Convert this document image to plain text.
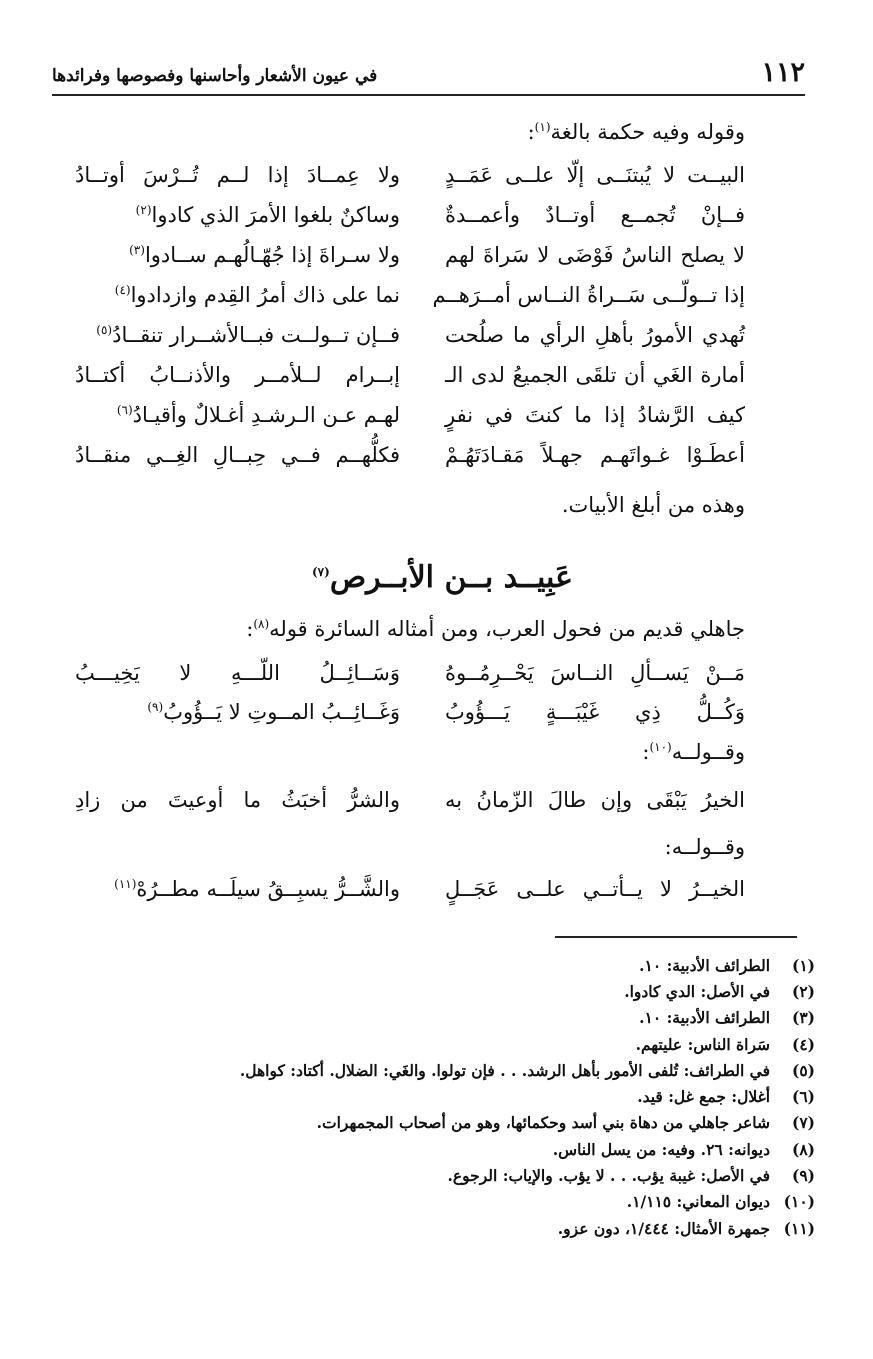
١١٢
في عيون الأشعار وأحاسنها وفصوصها وفرائدها
وقوله وفيه حكمة بالغة$^{(١)}$:
البيــت لا يُبتنَــى إلّا علــى عَمَــدٍ
ولا عِمــادَ إذا لــم تُــرْسَ أوتــادُ
فــإنْ تُجمــع أوتــادٌ وأعمــدةٌ
وساكنٌ بلغوا الأمرَ الذي كادوا$^{(٢)}$
لا يصلح الناسُ فَوْضَى لا سَراةَ لهم
ولا سـراةَ إذا جُهّـالُهـم ســادوا$^{(٣)}$
إذا تــولّــى سَــراةُ النــاس أمــرَهــم
نما على ذاك أمرُ القِدم وازدادوا$^{(٤)}$
تُهدي الأمورُ بأهلِ الرأي ما صلُحت
فــإن تــولــت فبــالأشــرار تنقــادُ$^{(٥)}$
أمارة الغَي أن تلقَى الجميعُ لدى الـ
إبــرام لــلأمــر والأذنــابُ أكتــادُ
كيف الرَّشادُ إذا ما كنتَ في نفرٍ
لهـم عـن الـرشـدِ أغـلالٌ وأقيـادُ$^{(٦)}$
أعطَـوْا غـواتَهـم جهـلاً مَقـادَتَهُـمْ
فكلُّهــم فــي حِبــالِ الغِــي منقــادُ
وهذه من أبلغ الأبيات.
عَبِيــد بــن الأبــرص$^{(٧)}$
جاهلي قديم من فحول العرب، ومن أمثاله السائرة قوله$^{(٨)}$:
مَــنْ يَســألِ النــاسَ يَحْــرِمُــوهُ
وَسَــائِــلُ اللّـــهِ لا يَخِيـــبُ
وَكُــلُّ ذِي غَيْبَـــةٍ يَـــؤُوبُ
وَغَــائِــبُ المــوتِ لا يَــؤُوبُ$^{(٩)}$
وقــولــه$^{(١٠)}$:
الخيرُ يَبْقَى وإن طالَ الزّمانُ به
والشرُّ أخبَثُ ما أوعيتَ من زادِ
وقــولــه:
الخيــرُ لا يــأتــي علــى عَجَــلٍ
والشَّــرُّ يسبِــقُ سيلَــه مطــرُهْ$^{(١١)}$
(١)
الطرائف الأدبية: ١٠.
(٢)
في الأصل: الدي كادوا.
(٣)
الطرائف الأدبية: ١٠.
(٤)
سَراة الناس: عليتهم.
(٥)
في الطرائف: تُلفى الأمور بأهل الرشد. . . فإن تولوا. والغَي: الضلال. أكتاد: كواهل.
(٦)
أغلال: جمع غل: قيد.
(٧)
شاعر جاهلي من دهاة بني أسد وحكمائها، وهو من أصحاب المجمهرات.
(٨)
ديوانه: ٢٦. وفيه: من يسل الناس.
(٩)
في الأصل: غيبة يؤب. . . لا يؤب. والإياب: الرجوع.
(١٠)
ديوان المعاني: ١/١١٥.
(١١)
جمهرة الأمثال: ١/٤٤٤، دون عزو.
